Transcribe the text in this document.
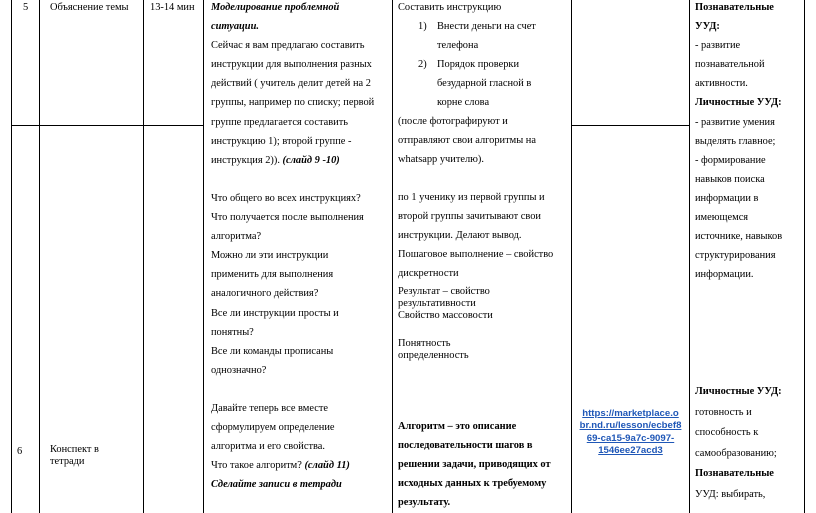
5
6
Объяснение темы
Конспект в тетради
13-14 мин Моделирование проблемной ситуации.
Сейчас я вам предлагаю составить
инструкции для выполнения разных
действий ( учитель делит детей на 2
группы, например по списку; первой
группе предлагается составить
инструкцию 1); второй группе -
инструкция 2)). (слайд 9 -10)
Что общего во всех инструкциях?
Что получается после выполнения
алгоритма?
Можно ли эти инструкции
применить для выполнения
аналогичного действия?
Все ли инструкции просты и
понятны?
Все ли команды прописаны
однозначно?
Давайте теперь все вместе
сформулируем определение
алгоритма и его свойства.
Что такое алгоритм? (слайд 11)
Сделайте записи в тетради
Составить инструкцию
1) Внести деньги на счет
телефона
2) Порядок проверки
безударной гласной в
корне слова
(после фотографируют и
отправляют свои алгоритмы на
whatsapp учителю).
по 1 ученику из первой группы и
второй группы зачитывают свои
инструкции. Делают вывод.
Пошаговое выполнение – свойство
дискретности
Результат – свойство
результативности
Свойство массовости
Понятность
определенность
Алгоритм – это описание
последовательности шагов в
решении задачи, приводящих от
исходных данных к требуемому
результату.
https://marketplace.o
br.nd.ru/lesson/ecbef8
69-ca15-9a7c-9097-
1546ee27acd3
Познавательные
УУД:
- развитие
познавательной
активности.
Личностные УУД:
- развитие умения
выделять главное;
- формирование
навыков поиска
информации в
имеющемся
источнике, навыков
структурирования
информации.
Личностные УУД:
готовность и
способность к
самообразованию;
Познавательные
УУД: выбирать,
